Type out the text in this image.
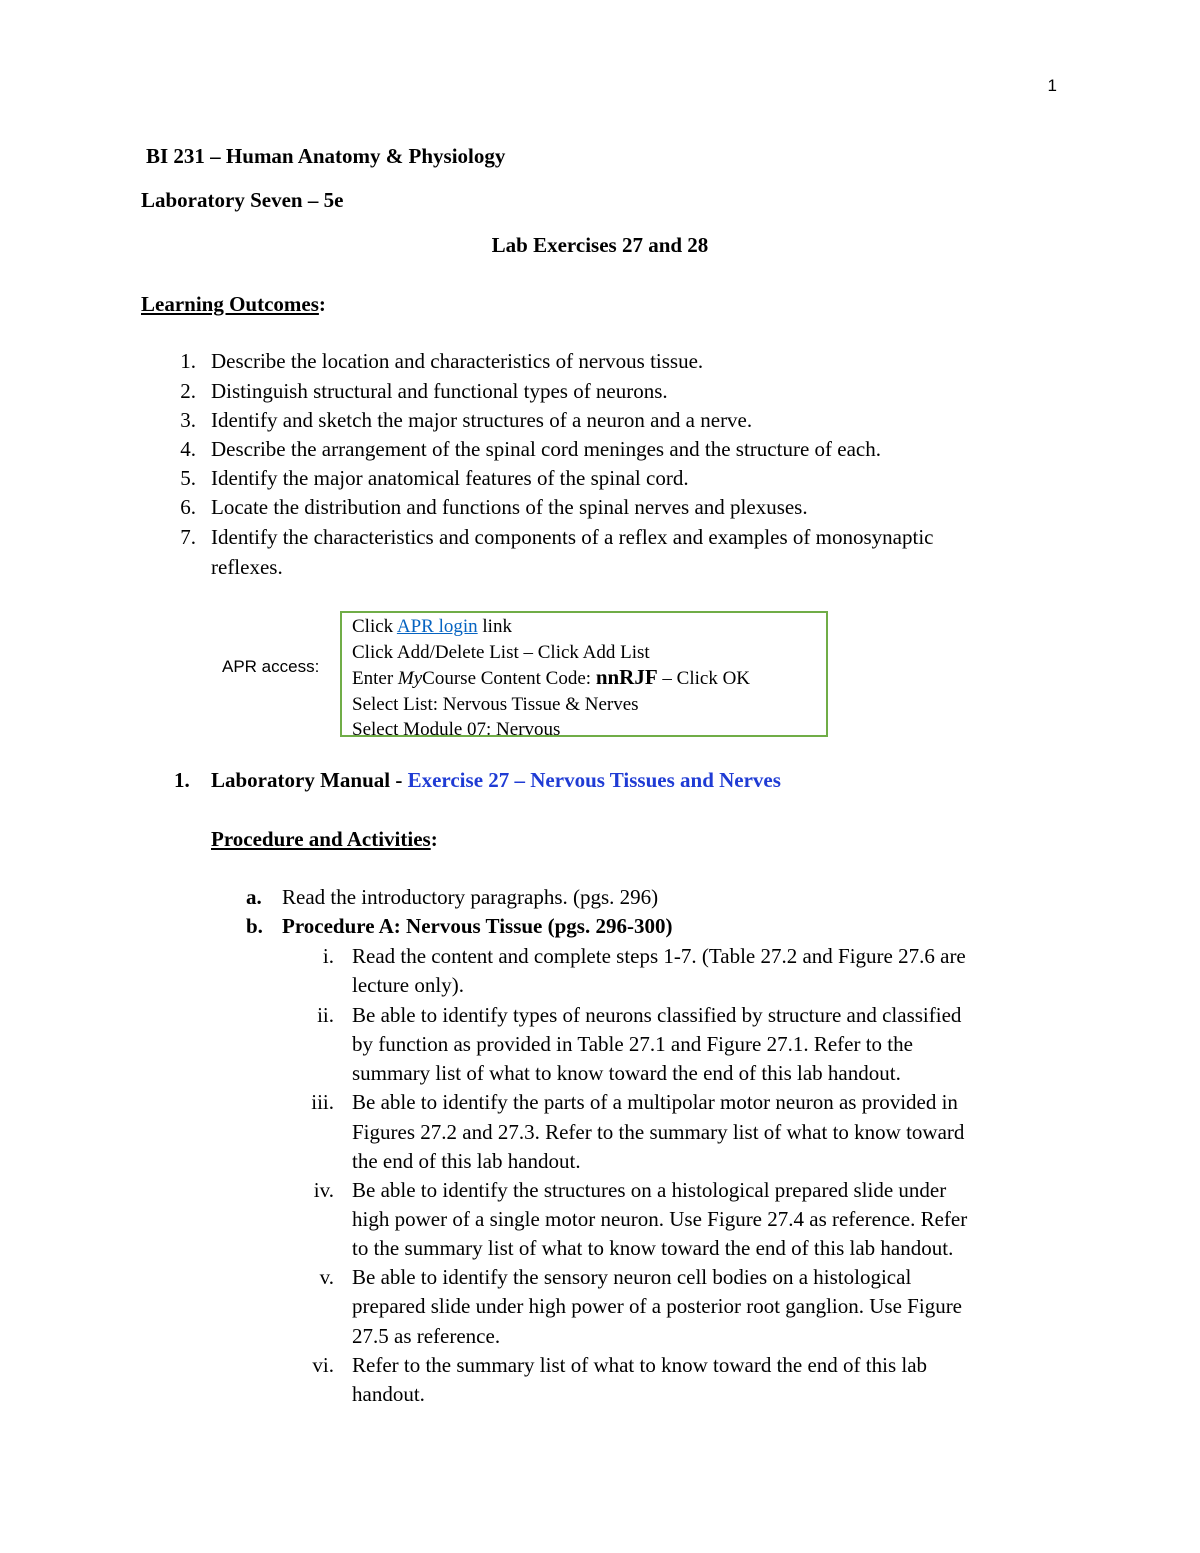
1
BI 231 – Human Anatomy & Physiology
Laboratory Seven – 5e
Lab Exercises 27 and 28
Learning Outcomes:
1. Describe the location and characteristics of nervous tissue.
2. Distinguish structural and functional types of neurons.
3. Identify and sketch the major structures of a neuron and a nerve.
4. Describe the arrangement of the spinal cord meninges and the structure of each.
5. Identify the major anatomical features of the spinal cord.
6. Locate the distribution and functions of the spinal nerves and plexuses.
7. Identify the characteristics and components of a reflex and examples of monosynaptic
reflexes.
APR access:
Click APR login link
Click Add/Delete List – Click Add List
Enter MyCourse Content Code: nnRJF – Click OK
Select List: Nervous Tissue & Nerves
Select Module 07: Nervous
1. Laboratory Manual - Exercise 27 – Nervous Tissues and Nerves
Procedure and Activities:
a. Read the introductory paragraphs. (pgs. 296)
b. Procedure A: Nervous Tissue (pgs. 296-300)
i. Read the content and complete steps 1-7. (Table 27.2 and Figure 27.6 are
lecture only).
ii. Be able to identify types of neurons classified by structure and classified
by function as provided in Table 27.1 and Figure 27.1. Refer to the
summary list of what to know toward the end of this lab handout.
iii. Be able to identify the parts of a multipolar motor neuron as provided in
Figures 27.2 and 27.3. Refer to the summary list of what to know toward
the end of this lab handout.
iv. Be able to identify the structures on a histological prepared slide under
high power of a single motor neuron. Use Figure 27.4 as reference. Refer
to the summary list of what to know toward the end of this lab handout.
v. Be able to identify the sensory neuron cell bodies on a histological
prepared slide under high power of a posterior root ganglion. Use Figure
27.5 as reference.
vi. Refer to the summary list of what to know toward the end of this lab
handout.
